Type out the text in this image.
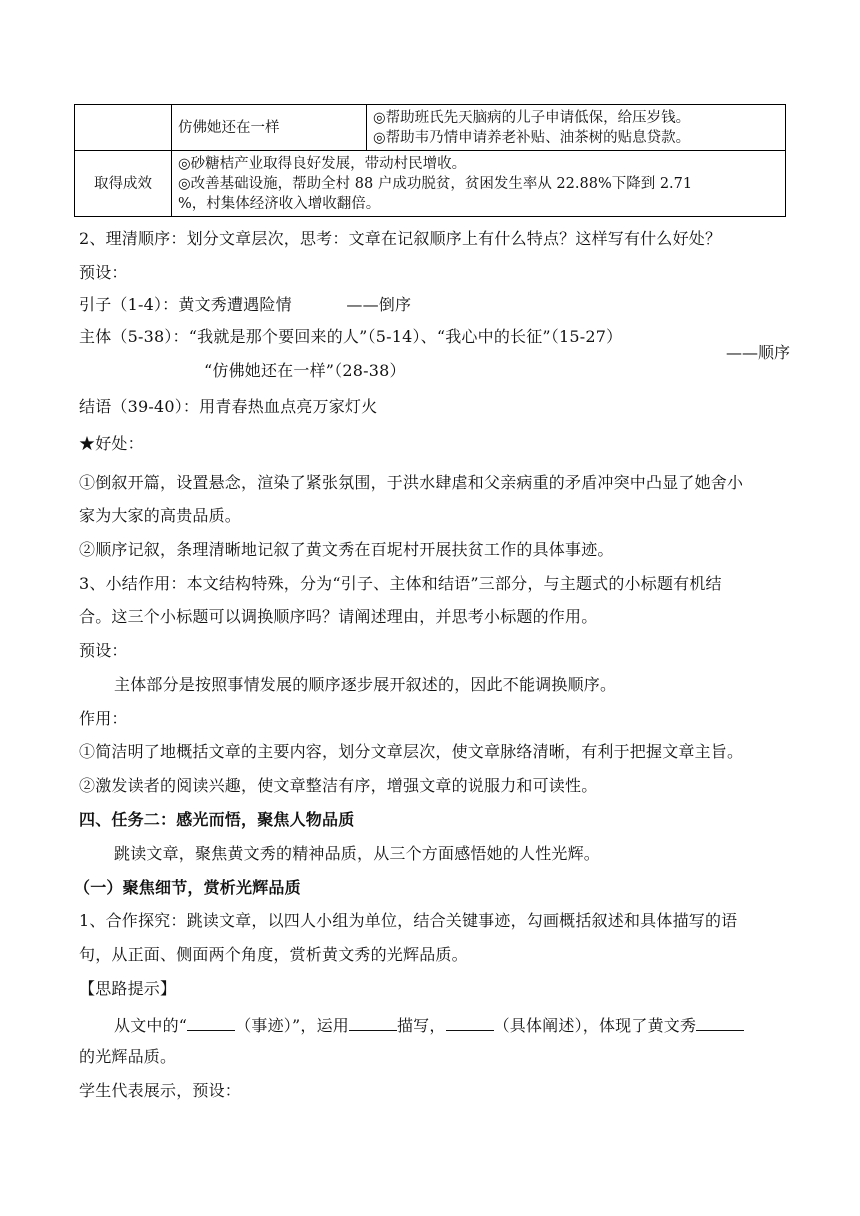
	仿佛她还在一样	◎帮助班氏先天脑病的儿子申请低保，给压岁钱。
◎帮助韦乃情申请养老补贴、油茶树的贴息贷款。

取得成效	◎砂糖桔产业取得良好发展，带动村民增收。
◎改善基础设施，帮助全村 88 户成功脱贫，贫困发生率从 22.88%下降到 2.71
%，村集体经济收入增收翻倍。	
2、理清顺序：划分文章层次，思考：文章在记叙顺序上有什么特点？这样写有什么好处？
预设：
引子（1-4）：黄文秀遭遇险情	——倒序
主体（5-38）：“我就是那个要回来的人”（5-14）、“我心中的长征”（15-27）
——顺序
“仿佛她还在一样”（28-38）
结语（39-40）：用青春热血点亮万家灯火
★好处：
①倒叙开篇，设置悬念，渲染了紧张氛围，于洪水肆虐和父亲病重的矛盾冲突中凸显了她舍小
家为大家的高贵品质。
②顺序记叙，条理清晰地记叙了黄文秀在百坭村开展扶贫工作的具体事迹。
3、小结作用：本文结构特殊，分为“引子、主体和结语”三部分，与主题式的小标题有机结
合。这三个小标题可以调换顺序吗？请阐述理由，并思考小标题的作用。
预设：
主体部分是按照事情发展的顺序逐步展开叙述的，因此不能调换顺序。
作用：
①简洁明了地概括文章的主要内容，划分文章层次，使文章脉络清晰，有利于把握文章主旨。
②激发读者的阅读兴趣，使文章整洁有序，增强文章的说服力和可读性。
四、任务二：感光而悟，聚焦人物品质
跳读文章，聚焦黄文秀的精神品质，从三个方面感悟她的人性光辉。
（一）聚焦细节，赏析光辉品质
1、合作探究：跳读文章，以四人小组为单位，结合关键事迹，勾画概括叙述和具体描写的语
句，从正面、侧面两个角度，赏析黄文秀的光辉品质。
【思路提示】
从文中的“	（事迹）”，运用	描写，	（具体阐述），体现了黄文秀
的光辉品质。
学生代表展示，预设：
